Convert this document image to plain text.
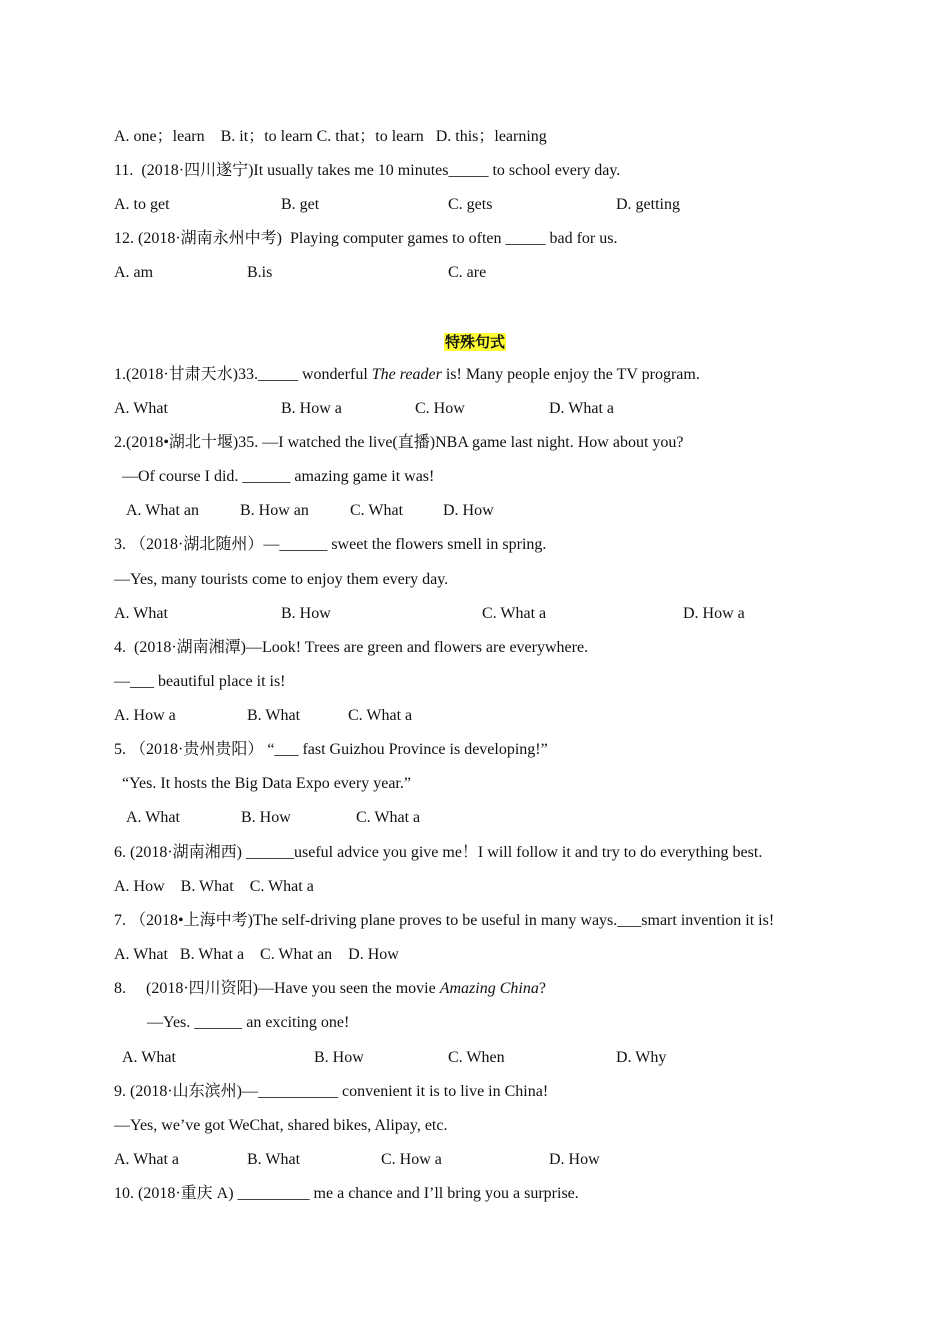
A. one；learn    B. it；to learn C. that；to learn   D. this；learning
11.  (2018·四川遂宁)It usually takes me 10 minutes_____ to school every day.

A. to get

	B. get

	C. gets

	D. getting

12. (2018·湖南永州中考)  Playing computer games to often _____ bad for us.

A. am

	B.is

	C. are

特殊句式
1.(2018·甘肃天水)33._____ wonderful The reader is! Many people enjoy the TV program.

A. What

	B. How a

	C. How

	D. What a

2.(2018•湖北十堰)35. —I watched the live(直播)NBA game last night. How about you?
—Of course I did. ______ amazing game it was!

A. What an

	B. How an

	C. What

D. How

3. （2018·湖北随州）—______ sweet the flowers smell in spring.
—Yes, many tourists come to enjoy them every day.

A. What

	B. How

	C. What a

	D. How a

4.  (2018·湖南湘潭)—Look! Trees are green and flowers are everywhere.
—___ beautiful place it is!

A. How a

	B. What

	C. What a

5. （2018·贵州贵阳） “___ fast Guizhou Province is developing!”
“Yes. It hosts the Big Data Expo every year.”

A. What

	B. How

	C. What a

6. (2018·湖南湘西) ______useful advice you give me！I will follow it and try to do everything best.
A. How    B. What    C. What a
7. （2018•上海中考)The self-driving plane proves to be useful in many ways.___smart invention it is!
A. What   B. What a    C. What an    D. How
8.     (2018·四川资阳)—Have you seen the movie Amazing China?
—Yes. ______ an exciting one!

A. What

	B. How

	C. When

	D. Why

9. (2018·山东滨州)—__________ convenient it is to live in China!
—Yes, we’ve got WeChat, shared bikes, Alipay, etc.

A. What a

	B. What

	C. How a

	D. How

10. (2018·重庆 A) _________ me a chance and I’ll bring you a surprise.
